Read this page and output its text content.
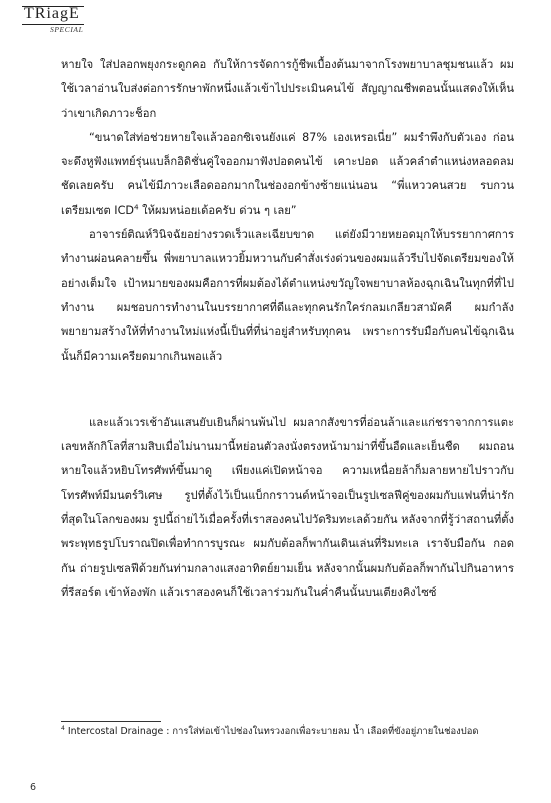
TRiagE
SPECIAL

หายใจ ใส่ปลอกพยุงกระดูกคอ กับให้การจัดการกู้ชีพเบื้องต้นมาจากโรงพยาบาลชุมชนแล้ว ผมใช้เวลาอ่านใบส่งต่อการรักษาพักหนึ่งแล้วเข้าไปประเมินคนไข้ สัญญาณชีพตอนนั้นแสดงให้เห็นว่าเขาเกิดภาวะช็อก

“ขนาดใส่ท่อช่วยหายใจแล้วออกซิเจนยังแค่ 87% เองเหรอเนี่ย” ผมรำพึงกับตัวเอง ก่อนจะดึงหูฟังแพทย์รุ่นแบล็กอิดิชั่นคู่ใจออกมาฟังปอดคนไข้ เคาะปอด แล้วคลำตำแหน่งหลอดลม ชัดเลยครับ คนไข้มีภาวะเลือดออกมากในช่องอกข้างซ้ายแน่นอน “พี่แหววคนสวย รบกวนเตรียมเซต ICD$^4$ ให้ผมหน่อยเด้อครับ ด่วน ๆ เลย”

อาจารย์ติณห์วินิจฉัยอย่างรวดเร็วและเฉียบขาด แต่ยังมีวายหยอดมุกให้บรรยากาศการทำงานผ่อนคลายขึ้น พี่พยาบาลแหววยิ้มหวานกับคำสั่งเร่งด่วนของผมแล้วรีบไปจัดเตรียมของให้อย่างเต็มใจ เป้าหมายของผมคือการที่ผมต้องได้ตำแหน่งขวัญใจพยาบาลห้องฉุกเฉินในทุกที่ที่ไปทำงาน ผมชอบการทำงานในบรรยากาศที่ดีและทุกคนรักใคร่กลมเกลียวสามัคคี ผมกำลังพยายามสร้างให้ที่ทำงานใหม่แห่งนี้เป็นที่ที่น่าอยู่สำหรับทุกคน เพราะการรับมือกับคนไข้ฉุกเฉินนั้นก็มีความเครียดมากเกินพอแล้ว

และแล้วเวรเช้าอันแสนยับเยินก็ผ่านพ้นไป ผมลากสังขารที่อ่อนล้าและแก่ชราจากการแตะเลขหลักกิโลที่สามสิบเมื่อไม่นานมานี้หย่อนตัวลงนั่งตรงหน้ามาม่าที่ขึ้นอืดและเย็นชืด ผมถอนหายใจแล้วหยิบโทรศัพท์ขึ้นมาดู เพียงแค่เปิดหน้าจอ ความเหนื่อยล้าก็มลายหายไปราวกับโทรศัพท์มีมนตร์วิเศษ รูปที่ตั้งไว้เป็นแบ็กกราวนด์หน้าจอเป็นรูปเซลฟีคู่ของผมกับแฟนที่น่ารักที่สุดในโลกของผม รูปนี้ถ่ายไว้เมื่อครั้งที่เราสองคนไปวัดริมทะเลด้วยกัน หลังจากที่รู้ว่าสถานที่ตั้งพระพุทธรูปโบราณปิดเพื่อทำการบูรณะ ผมกับต้อลก็พากันเดินเล่นที่ริมทะเล เราจับมือกัน กอดกัน ถ่ายรูปเซลฟีด้วยกันท่ามกลางแสงอาทิตย์ยามเย็น หลังจากนั้นผมกับต้อลก็พากันไปกินอาหารที่รีสอร์ต เข้าห้องพัก แล้วเราสองคนก็ใช้เวลาร่วมกันในค่ำคืนนั้นบนเตียงคิงไซซ์

$^4$ Intercostal Drainage : การใส่ท่อเข้าไปช่องในทรวงอกเพื่อระบายลม น้ำ เลือดที่ขังอยู่ภายในช่องปอด
6
